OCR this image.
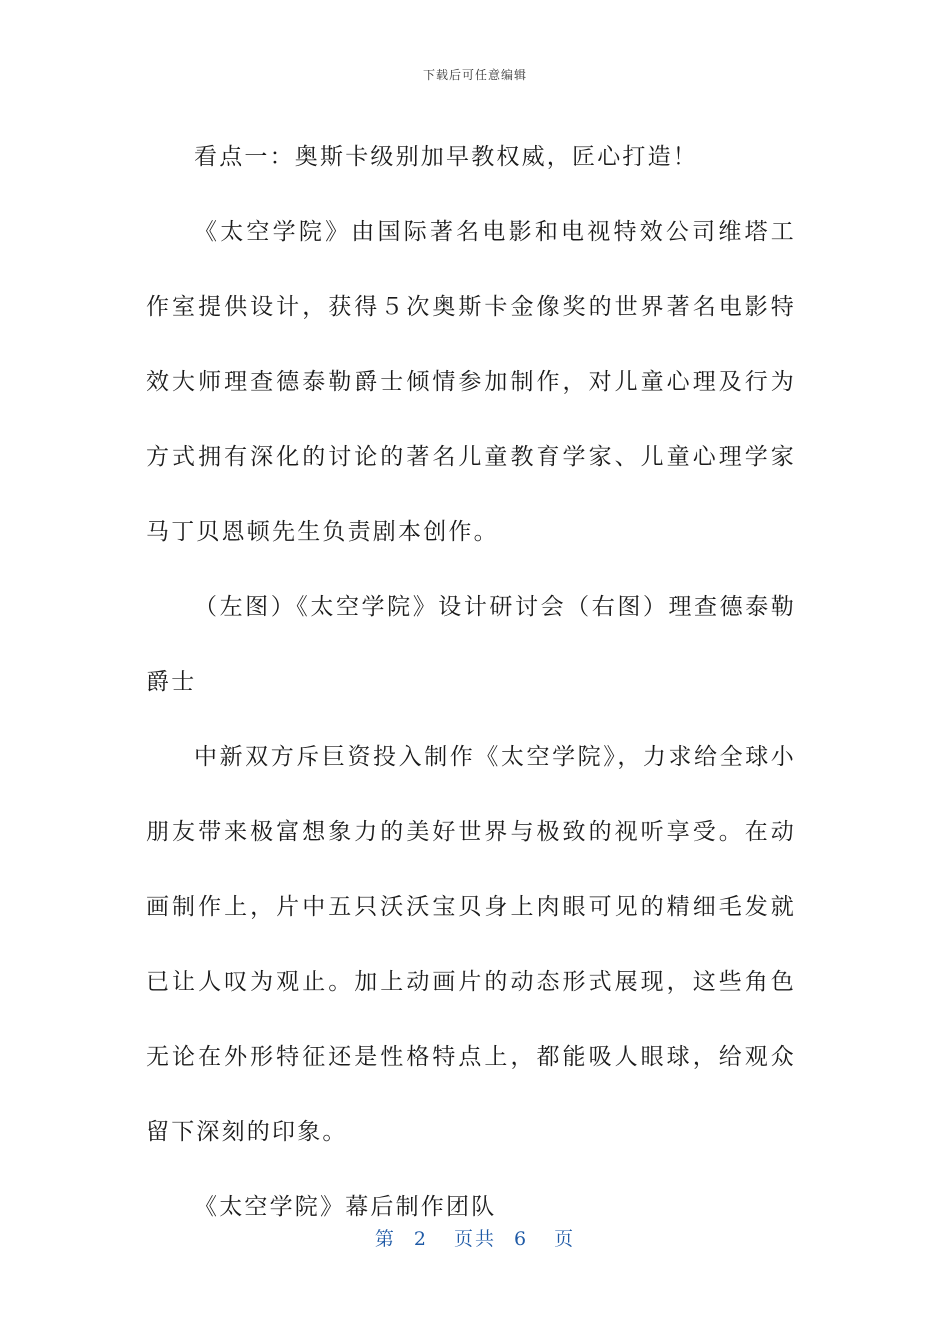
下载后可任意编辑

看点一：奥斯卡级别加早教权威，匠心打造！

《太空学院》由国际著名电影和电视特效公司维塔工作室提供设计，获得５次奥斯卡金像奖的世界著名电影特效大师理查德泰勒爵士倾情参加制作，对儿童心理及行为方式拥有深化的讨论的著名儿童教育学家、儿童心理学家马丁贝恩顿先生负责剧本创作。

（左图）《太空学院》设计研讨会（右图）理查德泰勒爵士

中新双方斥巨资投入制作《太空学院》，力求给全球小朋友带来极富想象力的美好世界与极致的视听享受。在动画制作上，片中五只沃沃宝贝身上肉眼可见的精细毛发就已让人叹为观止。加上动画片的动态形式展现，这些角色无论在外形特征还是性格特点上，都能吸人眼球，给观众留下深刻的印象。

《太空学院》幕后制作团队

第 2 页共 6 页
